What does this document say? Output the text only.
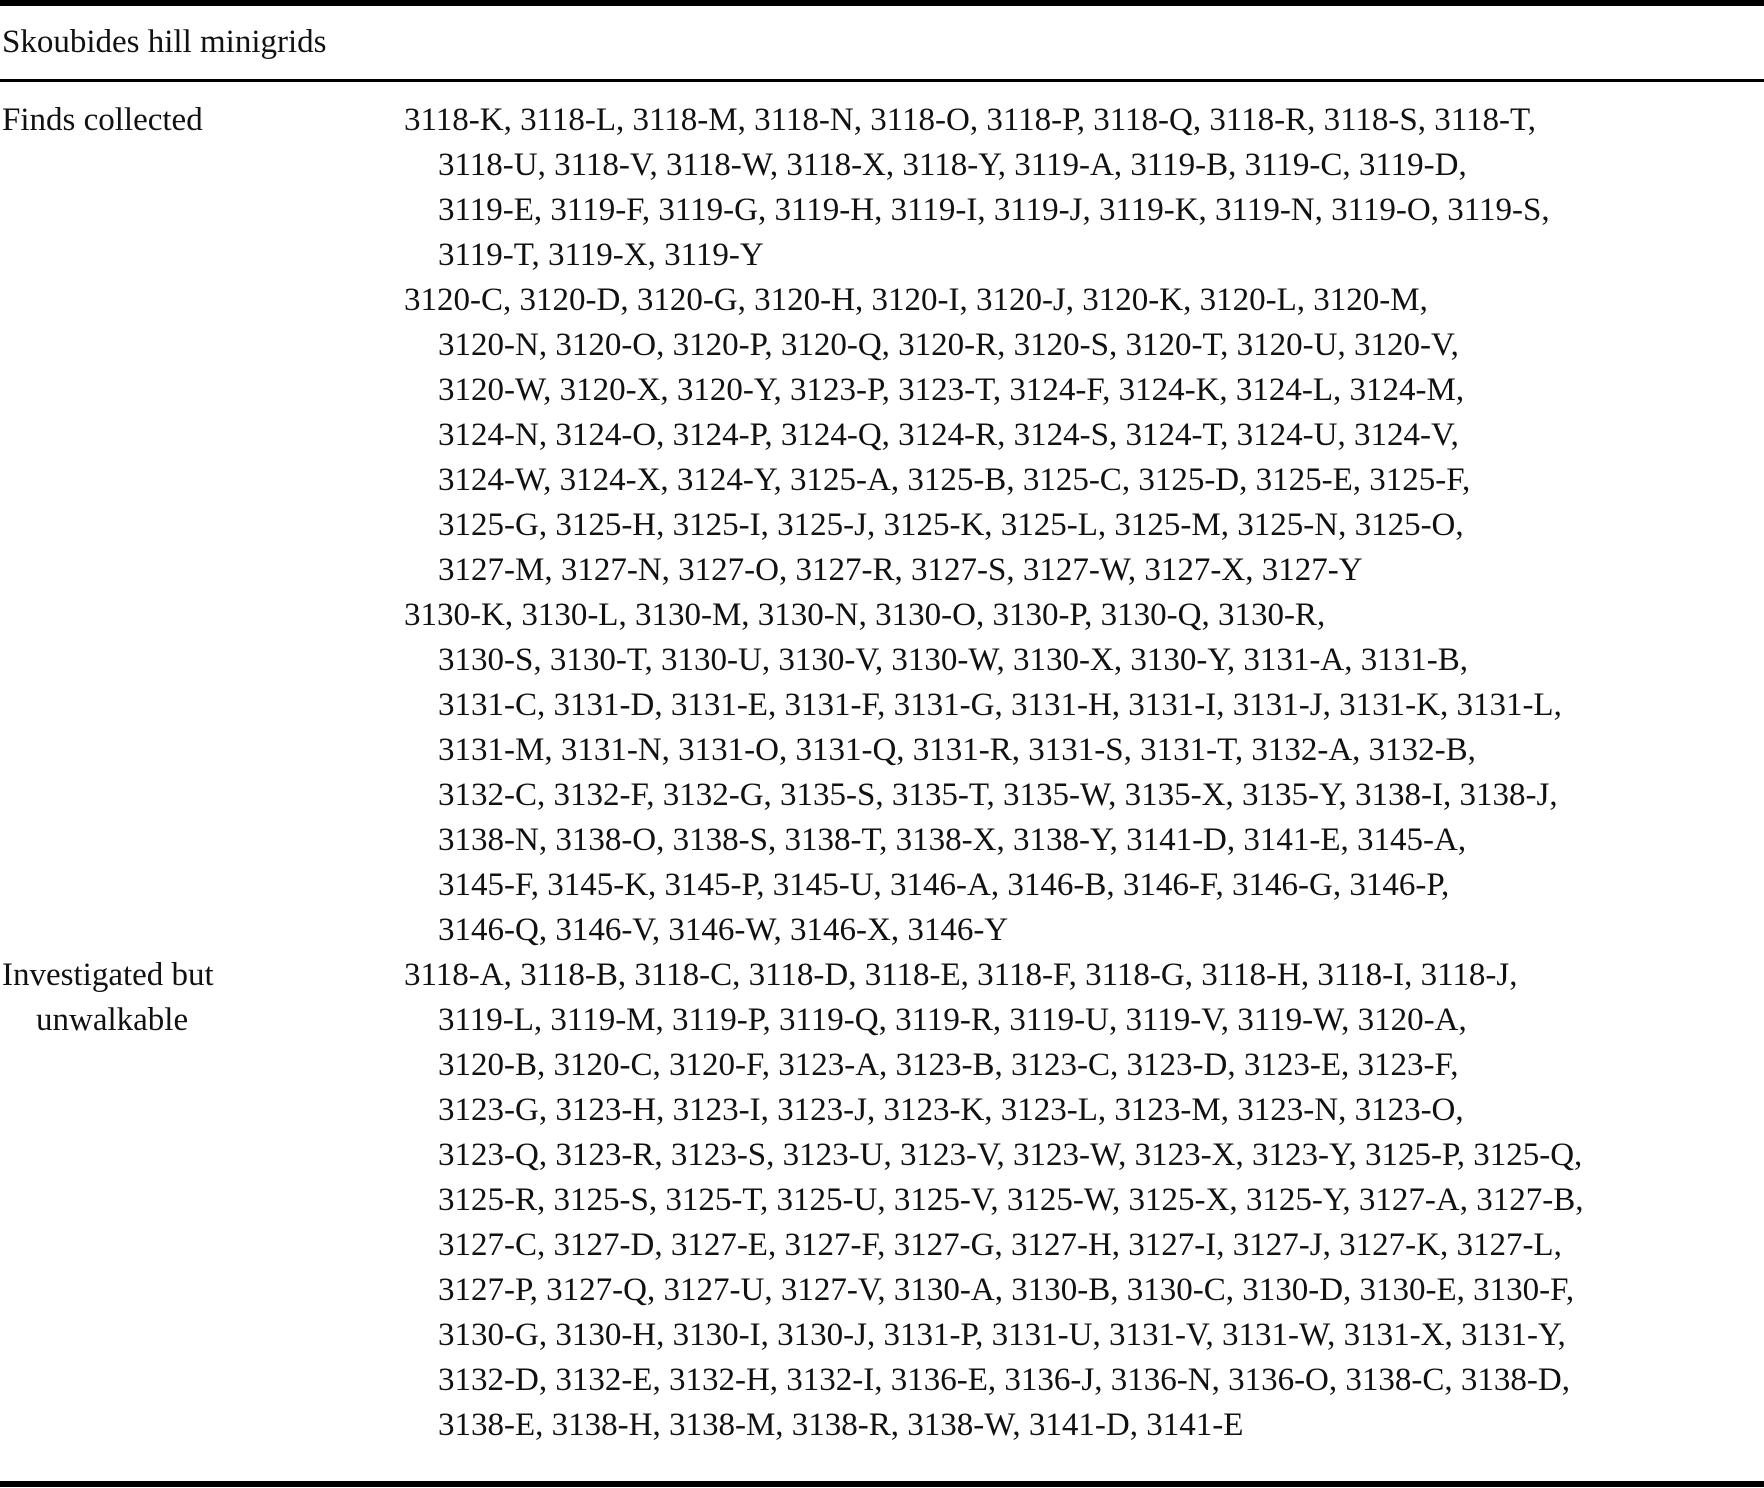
Skoubides hill minigrids
Finds collected	3118-K, 3118-L, 3118-M, 3118-N, 3118-O, 3118-P, 3118-Q, 3118-R, 3118-S, 3118-T,
3118-U, 3118-V, 3118-W, 3118-X, 3118-Y, 3119-A, 3119-B, 3119-C, 3119-D,
3119-E, 3119-F, 3119-G, 3119-H, 3119-I, 3119-J, 3119-K, 3119-N, 3119-O, 3119-S,
3119-T, 3119-X, 3119-Y
3120-C, 3120-D, 3120-G, 3120-H, 3120-I, 3120-J, 3120-K, 3120-L, 3120-M,
3120-N, 3120-O, 3120-P, 3120-Q, 3120-R, 3120-S, 3120-T, 3120-U, 3120-V,
3120-W, 3120-X, 3120-Y, 3123-P, 3123-T, 3124-F, 3124-K, 3124-L, 3124-M,
3124-N, 3124-O, 3124-P, 3124-Q, 3124-R, 3124-S, 3124-T, 3124-U, 3124-V,
3124-W, 3124-X, 3124-Y, 3125-A, 3125-B, 3125-C, 3125-D, 3125-E, 3125-F,
3125-G, 3125-H, 3125-I, 3125-J, 3125-K, 3125-L, 3125-M, 3125-N, 3125-O,
3127-M, 3127-N, 3127-O, 3127-R, 3127-S, 3127-W, 3127-X, 3127-Y
3130-K, 3130-L, 3130-M, 3130-N, 3130-O, 3130-P, 3130-Q, 3130-R,
3130-S, 3130-T, 3130-U, 3130-V, 3130-W, 3130-X, 3130-Y, 3131-A, 3131-B,
3131-C, 3131-D, 3131-E, 3131-F, 3131-G, 3131-H, 3131-I, 3131-J, 3131-K, 3131-L,
3131-M, 3131-N, 3131-O, 3131-Q, 3131-R, 3131-S, 3131-T, 3132-A, 3132-B,
3132-C, 3132-F, 3132-G, 3135-S, 3135-T, 3135-W, 3135-X, 3135-Y, 3138-I, 3138-J,
3138-N, 3138-O, 3138-S, 3138-T, 3138-X, 3138-Y, 3141-D, 3141-E, 3145-A,
3145-F, 3145-K, 3145-P, 3145-U, 3146-A, 3146-B, 3146-F, 3146-G, 3146-P,
3146-Q, 3146-V, 3146-W, 3146-X, 3146-Y
Investigated but
unwalkable
3118-A, 3118-B, 3118-C, 3118-D, 3118-E, 3118-F, 3118-G, 3118-H, 3118-I, 3118-J,
3119-L, 3119-M, 3119-P, 3119-Q, 3119-R, 3119-U, 3119-V, 3119-W, 3120-A,
3120-B, 3120-C, 3120-F, 3123-A, 3123-B, 3123-C, 3123-D, 3123-E, 3123-F,
3123-G, 3123-H, 3123-I, 3123-J, 3123-K, 3123-L, 3123-M, 3123-N, 3123-O,
3123-Q, 3123-R, 3123-S, 3123-U, 3123-V, 3123-W, 3123-X, 3123-Y, 3125-P, 3125-Q,
3125-R, 3125-S, 3125-T, 3125-U, 3125-V, 3125-W, 3125-X, 3125-Y, 3127-A, 3127-B,
3127-C, 3127-D, 3127-E, 3127-F, 3127-G, 3127-H, 3127-I, 3127-J, 3127-K, 3127-L,
3127-P, 3127-Q, 3127-U, 3127-V, 3130-A, 3130-B, 3130-C, 3130-D, 3130-E, 3130-F,
3130-G, 3130-H, 3130-I, 3130-J, 3131-P, 3131-U, 3131-V, 3131-W, 3131-X, 3131-Y,
3132-D, 3132-E, 3132-H, 3132-I, 3136-E, 3136-J, 3136-N, 3136-O, 3138-C, 3138-D,
3138-E, 3138-H, 3138-M, 3138-R, 3138-W, 3141-D, 3141-E
